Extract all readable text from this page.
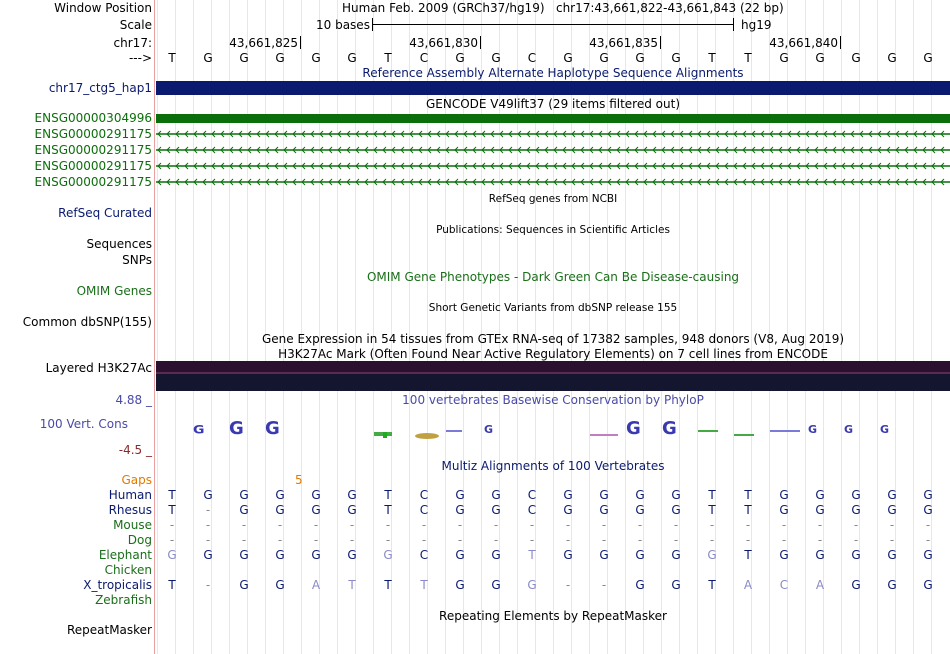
Window Position	Human Feb. 2009 (GRCh37/hg19) chr17:43,661,822-43,661,843 (22 bp)
Scale	10 bases	hg19
chr17:	43,661,825	43,661,830	43,661,835	43,661,840
--->	T	G	G	G	G	G	T	C	G	G	C	G	G	G	G	T	T	G	G	G	G	G
Reference Assembly Alternate Haplotype Sequence Alignments
chr17_ctg5_hap1
GENCODE V49lift37 (29 items filtered out)
ENSG00000304996
ENSG00000291175
ENSG00000291175
ENSG00000291175
ENSG00000291175
RefSeq genes from NCBI
RefSeq Curated
Publications: Sequences in Scientific Articles
Sequences
SNPs
OMIM Gene Phenotypes - Dark Green Can Be Disease-causing
OMIM Genes
Short Genetic Variants from dbSNP release 155
Common dbSNP(155)
Gene Expression in 54 tissues from GTEx RNA-seq of 17382 samples, 948 donors (V8, Aug 2019)
H3K27Ac Mark (Often Found Near Active Regulatory Elements) on 7 cell lines from ENCODE
Layered H3K27Ac
100 vertebrates Basewise Conservation by PhyloP
4.88 _
100 Vert. Cons
-4.5 _
G G G	G G
G	G G G
Multiz Alignments of 100 Vertebrates
Gaps	5
Human	T	G	G	G	G	G	T	C	G	G	C	G	G	G	G	T	T	G	G	G	G	G
Rhesus	T	-	G	G	G	G	T	C	G	G	C	G	G	G	G	T	T	G	G	G	G	G
Mouse	-	-	-	-	-	-	-	-	-	-	-	-	-	-	-	-	-	-	-	-	-	-
Dog	-	-	-	-	-	-	-	-	-	-	-	-	-	-	-	-	-	-	-	-	-	-
Elephant	G	G	G	G	G	G	G	C	G	G	T	G	G	G	G	G	T	G	G	G	G	G
Chicken
X_tropicalis	T	-	G	G	A	T	T	T	G	G	G	-	-	G	G	T	A	C	A	G	G	G
Zebrafish
Repeating Elements by RepeatMasker
RepeatMasker
